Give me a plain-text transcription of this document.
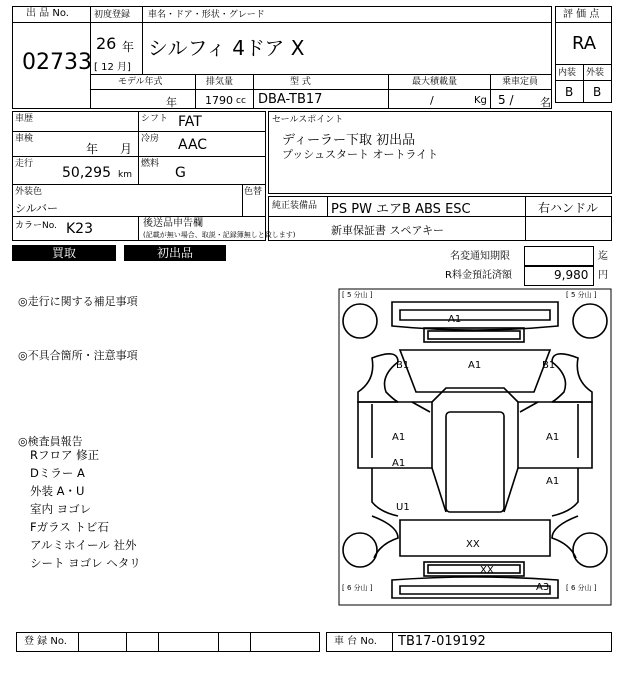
出 品 No.
02733
初度登録 車名・ドア・形状・グレード
26 年
[ 12 月]
シルフィ 4ドア X
評 価 点
RA
内装 外装
B B
モデル年式	排気量	型 式	最大積載量	乗車定員
年	1790 cc DBA-TB17	/	Kg 5 / 名
車歴
車検
年 月
走行
50,295 km
シフト FAT
冷房 AAC
燃料
G
外装色
シルバー
色替
カラーNo. K23	後送品申告欄
(記載が無い場合、取説・記録簿無しと致します)
セールスポイント
ディーラー下取 初出品
プッシュスタート オートライト
純正装備品 PS PW エアB ABS ESC	右ハンドル
新車保証書 スペアキー
買取	初出品	名変通知期限	迄
R料金預託済額	9,980 円
◎走行に関する補足事項
◎不具合箇所・注意事項
◎検査員報告
Rフロア 修正
Dミラー A
外装 A・U
室内 ヨゴレ
Fガラス トビ石
アルミホイール 社外
シート ヨゴレ ヘタリ
[ 5 分山 ]	[ 5 分山 ]
[ 6 分山 ]	[ 6 分山 ]
A1
A1
B1	B1
A1
A1
A1
A1
U1
XX
XX
A3
登 録 No.	車 台 No. TB17-019192
